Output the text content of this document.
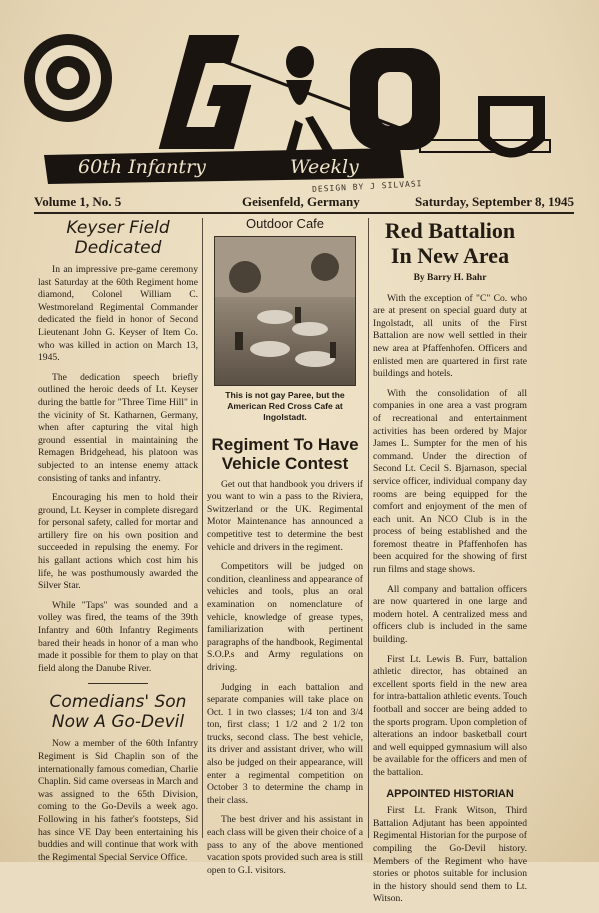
60th Infantry	Weekly
DESIGN BY J SILVASI
Volume 1, No. 5	Geisenfeld, Germany	Saturday, September 8, 1945
Keyser Field Dedicated

In an impressive pre-game ceremony last Saturday at the 60th Regiment home diamond, Colonel William C. Westmoreland Regimental Commander dedicated the field in honor of Second Lieutenant John G. Keyser of Item Co. who was killed in action on March 13, 1945.

The dedication speech briefly outlined the heroic deeds of Lt. Keyser during the battle for "Three Time Hill" in the vicinity of St. Katharnen, Germany, when after capturing the vital high ground essential in maintaining the Remagen Bridgehead, his platoon was subjected to an intense enemy attack consisting of tanks and infantry.

Encouraging his men to hold their ground, Lt. Keyser in complete disregard for personal safety, called for mortar and artillery fire on his own position and succeeded in repulsing the enemy. For his gallant actions which cost him his life, he was posthumously awarded the Silver Star.

While "Taps" was sounded and a volley was fired, the teams of the 39th Infantry and 60th Infantry Regiments bared their heads in honor of a man who made it possible for them to play on that field along the Danube River.

Comedians' Son Now A Go-Devil

Now a member of the 60th Infantry Regiment is Sid Chaplin son of the internationally famous comedian, Charlie Chaplin. Sid came overseas in March and was assigned to the 65th Division, coming to the Go-Devils a week ago. Following in his father's footsteps, Sid has since VE Day been entertaining his buddies and will continue that work with the Regimental Special Service Office.

Outdoor Cafe
This is not gay Paree, but the American Red Cross Cafe at Ingolstadt.
Regiment To Have Vehicle Contest

Get out that handbook you drivers if you want to win a pass to the Riviera, Switzerland or the UK. Regimental Motor Maintenance has announced a competitive test to determine the best vehicle and drivers in the regiment.

Competitors will be judged on condition, cleanliness and appearance of vehicles and tools, plus an oral examination on nomenclature of vehicle, knowledge of grease types, familiarization with pertinent paragraphs of the handbook, Regimental S.O.P.s and Army regulations on driving.

Judging in each battalion and separate companies will take place on Oct. 1 in two classes; 1/4 ton and 3/4 ton, first class; 1 1/2 and 2 1/2 ton trucks, second class. The best vehicle, its driver and assistant driver, who will also be judged on their appearance, will enter a regimental competition on October 3 to determine the champ in their class.

The best driver and his assistant in each class will be given their choice of a pass to any of the above mentioned vacation spots provided such area is still open to G.I. visitors.

Red Battalion In New Area
By Barry H. Bahr

With the exception of "C" Co. who are at present on special guard duty at Ingolstadt, all units of the First Battalion are now well settled in their new area at Pfaffenhofen. Officers and enlisted men are quartered in first rate buildings and hotels.

With the consolidation of all companies in one area a vast program of recreational and entertainment activities has been ordered by Major James L. Sumpter for the men of his command. Under the direction of Second Lt. Cecil S. Bjarnason, special service officer, individual company day rooms are being equipped for the comfort and enjoyment of the men of each unit. An NCO Club is in the process of being established and the foremost theatre in Pfaffenhofen has been acquired for the showing of first run films and stage shows.

All company and battalion officers are now quartered in one large and modern hotel. A centralized mess and officers club is included in the same building.

First Lt. Lewis B. Furr, battalion athletic director, has obtained an excellent sports field in the new area for intra-battalion athletic events. Touch football and soccer are being added to the sports program. Upon completion of alterations an indoor basketball court and well equipped gymnasium will also be available for the officers and men of the battalion.

APPOINTED HISTORIAN

First Lt. Frank Witson, Third Battalion Adjutant has been appointed Regimental Historian for the purpose of compiling the Go-Devil history. Members of the Regiment who have stories or photos suitable for inclusion in the history should send them to Lt. Witson.
